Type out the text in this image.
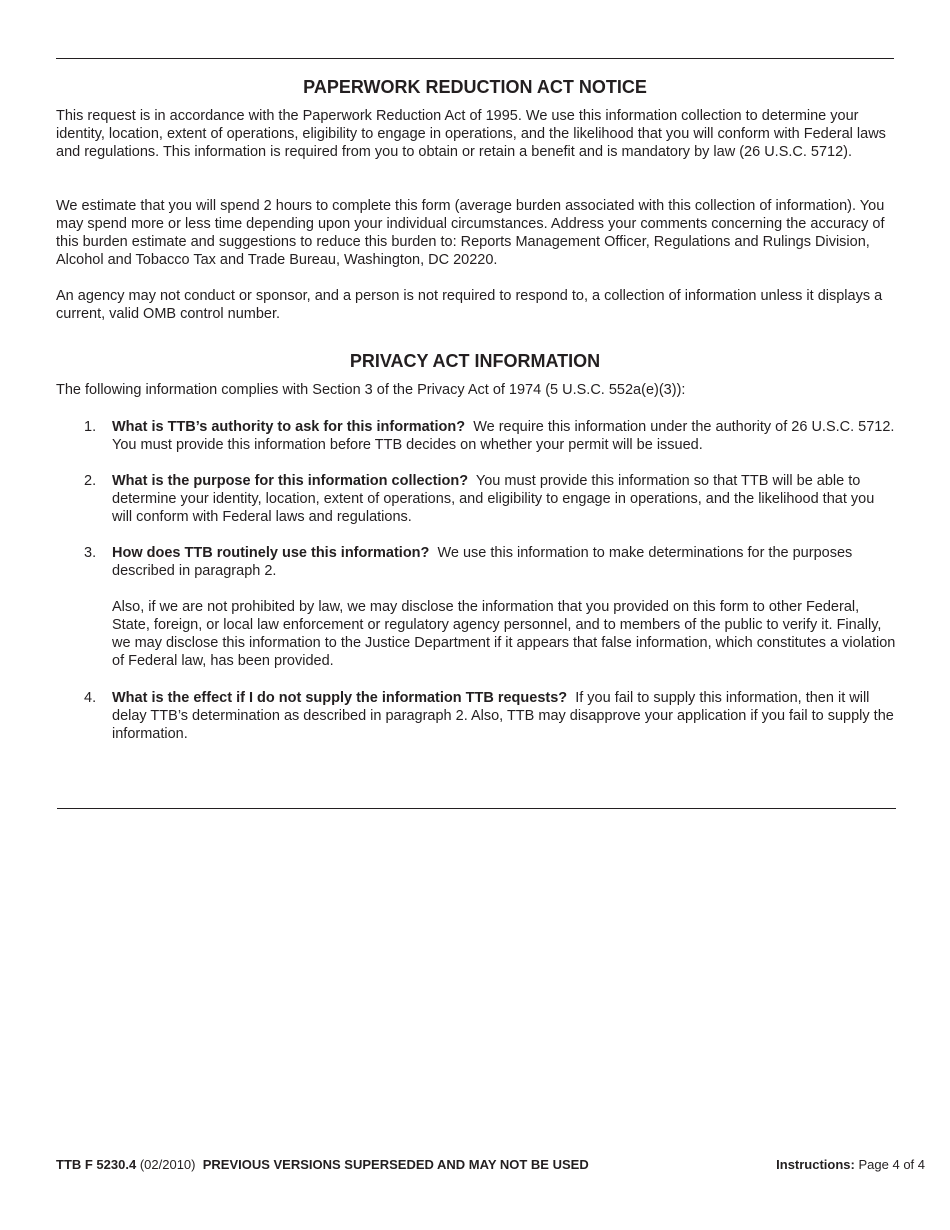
PAPERWORK REDUCTION ACT NOTICE

This request is in accordance with the Paperwork Reduction Act of 1995. We use this information collection to determine your identity, location, extent of operations, eligibility to engage in operations, and the likelihood that you will conform with Federal laws and regulations. This information is required from you to obtain or retain a benefit and is mandatory by law (26 U.S.C. 5712).

We estimate that you will spend 2 hours to complete this form (average burden associated with this collection of information). You may spend more or less time depending upon your individual circumstances. Address your comments concerning the accuracy of this burden estimate and suggestions to reduce this burden to: Reports Management Officer, Regulations and Rulings Division, Alcohol and Tobacco Tax and Trade Bureau, Washington, DC 20220.

An agency may not conduct or sponsor, and a person is not required to respond to, a collection of information unless it displays a current, valid OMB control number.

PRIVACY ACT INFORMATION

The following information complies with Section 3 of the Privacy Act of 1974 (5 U.S.C. 552a(e)(3)):

1. What is TTB’s authority to ask for this information? We require this information under the authority of 26 U.S.C. 5712. You must provide this information before TTB decides on whether your permit will be issued.
2. What is the purpose for this information collection? You must provide this information so that TTB will be able to determine your identity, location, extent of operations, and eligibility to engage in operations, and the likelihood that you will conform with Federal laws and regulations.
3. How does TTB routinely use this information? We use this information to make determinations for the purposes described in paragraph 2.
Also, if we are not prohibited by law, we may disclose the information that you provided on this form to other Federal, State, foreign, or local law enforcement or regulatory agency personnel, and to members of the public to verify it. Finally, we may disclose this information to the Justice Department if it appears that false information, which constitutes a violation of Federal law, has been provided.
4. What is the effect if I do not supply the information TTB requests? If you fail to supply this information, then it will delay TTB’s determination as described in paragraph 2. Also, TTB may disapprove your application if you fail to supply the information.
TTB F 5230.4 (02/2010) PREVIOUS VERSIONS SUPERSEDED AND MAY NOT BE USED	Instructions: Page 4 of 4
